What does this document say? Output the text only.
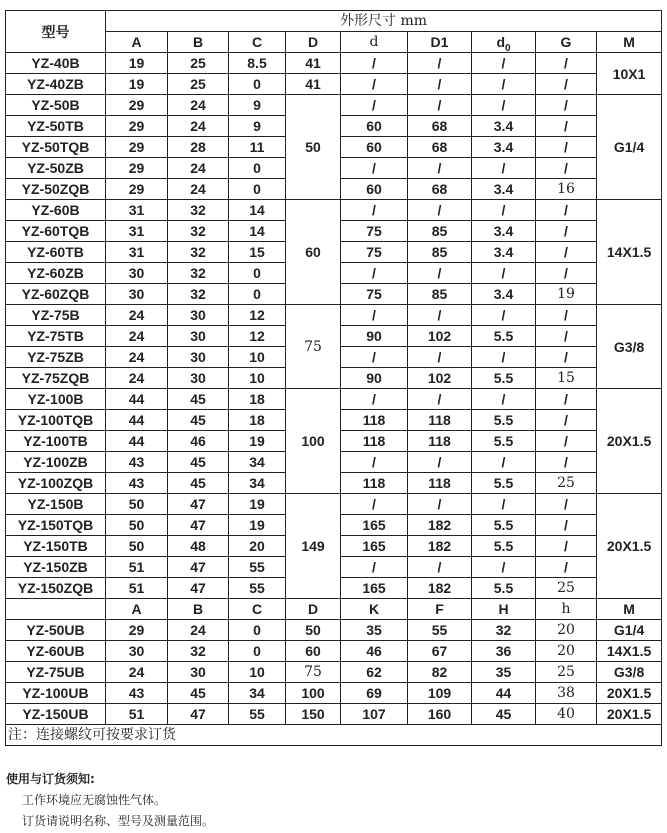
型号	外形尺寸 mm								
	A	B	C	D	d	D1	$d_0$	G	M
YZ-40B	19	25	8.5	41	/	/	/	/	10X1
YZ-40ZB	19	25	0	41	/	/	/	/	
YZ-50B	29	24	9	50	/	/	/	/	G1/4
YZ-50TB	29	24	9		60	68	3.4	/	
YZ-50TQB	29	28	11		60	68	3.4	/	
YZ-50ZB	29	24	0		/	/	/	/	
YZ-50ZQB	29	24	0		60	68	3.4	16	
YZ-60B	31	32	14	60	/	/	/	/	14X1.5
YZ-60TQB	31	32	14		75	85	3.4	/	
YZ-60TB	31	32	15		75	85	3.4	/	
YZ-60ZB	30	32	0		/	/	/	/	
YZ-60ZQB	30	32	0		75	85	3.4	19	
YZ-75B	24	30	12	75	/	/	/	/	G3/8
YZ-75TB	24	30	12		90	102	5.5	/	
YZ-75ZB	24	30	10		/	/	/	/	
YZ-75ZQB	24	30	10		90	102	5.5	15	
YZ-100B	44	45	18	100	/	/	/	/	20X1.5
YZ-100TQB	44	45	18		118	118	5.5	/	
YZ-100TB	44	46	19		118	118	5.5	/	
YZ-100ZB	43	45	34		/	/	/	/	
YZ-100ZQB	43	45	34		118	118	5.5	25	
YZ-150B	50	47	19	149	/	/	/	/	20X1.5
YZ-150TQB	50	47	19		165	182	5.5	/	
YZ-150TB	50	48	20		165	182	5.5	/	
YZ-150ZB	51	47	55		/	/	/	/	
YZ-150ZQB	51	47	55		165	182	5.5	25	
	A	B	C	D	K	F	H	h	M
YZ-50UB	29	24	0	50	35	55	32	20	G1/4
YZ-60UB	30	32	0	60	46	67	36	20	14X1.5
YZ-75UB	24	30	10	75	62	82	35	25	G3/8
YZ-100UB	43	45	34	100	69	109	44	38	20X1.5
YZ-150UB	51	47	55	150	107	160	45	40	20X1.5
注：连接螺纹可按要求订货									
使用与订货须知:
工作环境应无腐蚀性气体。
订货请说明名称、型号及测量范围。
